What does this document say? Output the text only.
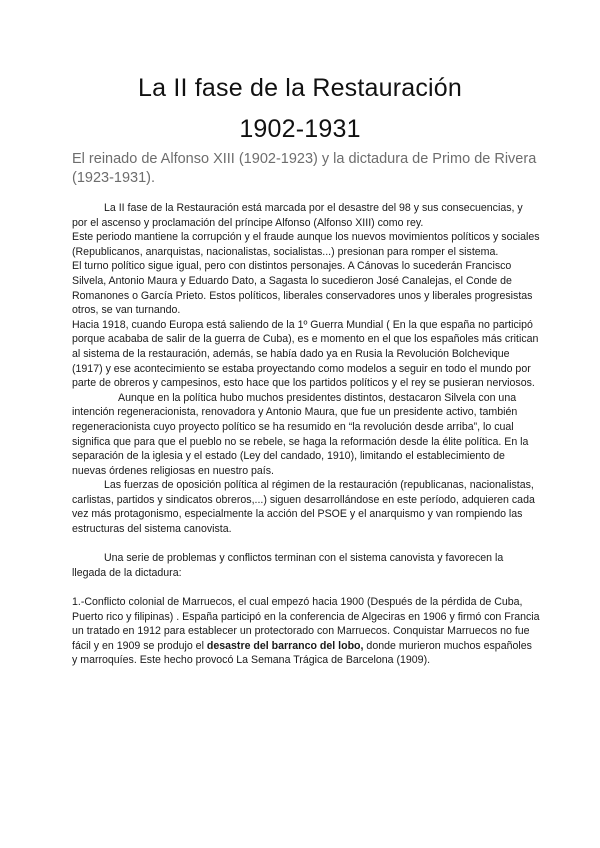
La II fase de la Restauración
1902-1931

El reinado de Alfonso XIII (1902-1923) y la dictadura de Primo de Rivera (1923-1931).

La II fase de la Restauración está marcada por el desastre del 98 y sus consecuencias, y por el ascenso y proclamación del príncipe Alfonso (Alfonso XIII) como rey.

Este periodo mantiene la corrupción y el fraude aunque los nuevos movimientos políticos y sociales (Republicanos, anarquistas, nacionalistas, socialistas...) presionan para romper el sistema.

El turno político sigue igual, pero con distintos personajes. A Cánovas lo sucederán Francisco Silvela, Antonio Maura y Eduardo Dato, a Sagasta lo sucedieron José Canalejas, el Conde de Romanones o García Prieto. Estos políticos, liberales conservadores unos y liberales progresistas otros, se van turnando.

Hacia 1918, cuando Europa está saliendo de la 1º Guerra Mundial ( En la que españa no participó porque acababa de salir de la guerra de Cuba), es e momento en el que los españoles más critican al sistema de la restauración, además, se había dado ya en Rusia la Revolución Bolchevique (1917) y ese acontecimiento se estaba proyectando como modelos a seguir en todo el mundo por parte de obreros y campesinos, esto hace que los partidos políticos y el rey se pusieran nerviosos.

Aunque en la política hubo muchos presidentes distintos, destacaron Silvela con una intención regeneracionista, renovadora y Antonio Maura, que fue un presidente activo, también regeneracionista cuyo proyecto político se ha resumido en “la revolución desde arriba”, lo cual significa que para que el pueblo no se rebele, se haga la reformación desde la élite política. En la separación de la iglesia y el estado (Ley del candado, 1910), limitando el establecimiento de nuevas órdenes religiosas en nuestro país.

Las fuerzas de oposición política al régimen de la restauración (republicanas, nacionalistas, carlistas, partidos y sindicatos obreros,...) siguen desarrollándose en este período, adquieren cada vez más protagonismo, especialmente la acción del PSOE y el anarquismo y van rompiendo las estructuras del sistema canovista.

Una serie de problemas y conflictos terminan con el sistema canovista y favorecen la llegada de la dictadura:

1.-Conflicto colonial de Marruecos, el cual empezó hacia 1900 (Después de la pérdida de Cuba, Puerto rico y filipinas) . España participó en la conferencia de Algeciras en 1906 y firmó con Francia un tratado en 1912 para establecer un protectorado con Marruecos. Conquistar Marruecos no fue fácil y en 1909 se produjo el desastre del barranco del lobo, donde murieron muchos españoles y marroquíes. Este hecho provocó La Semana Trágica de Barcelona (1909).
